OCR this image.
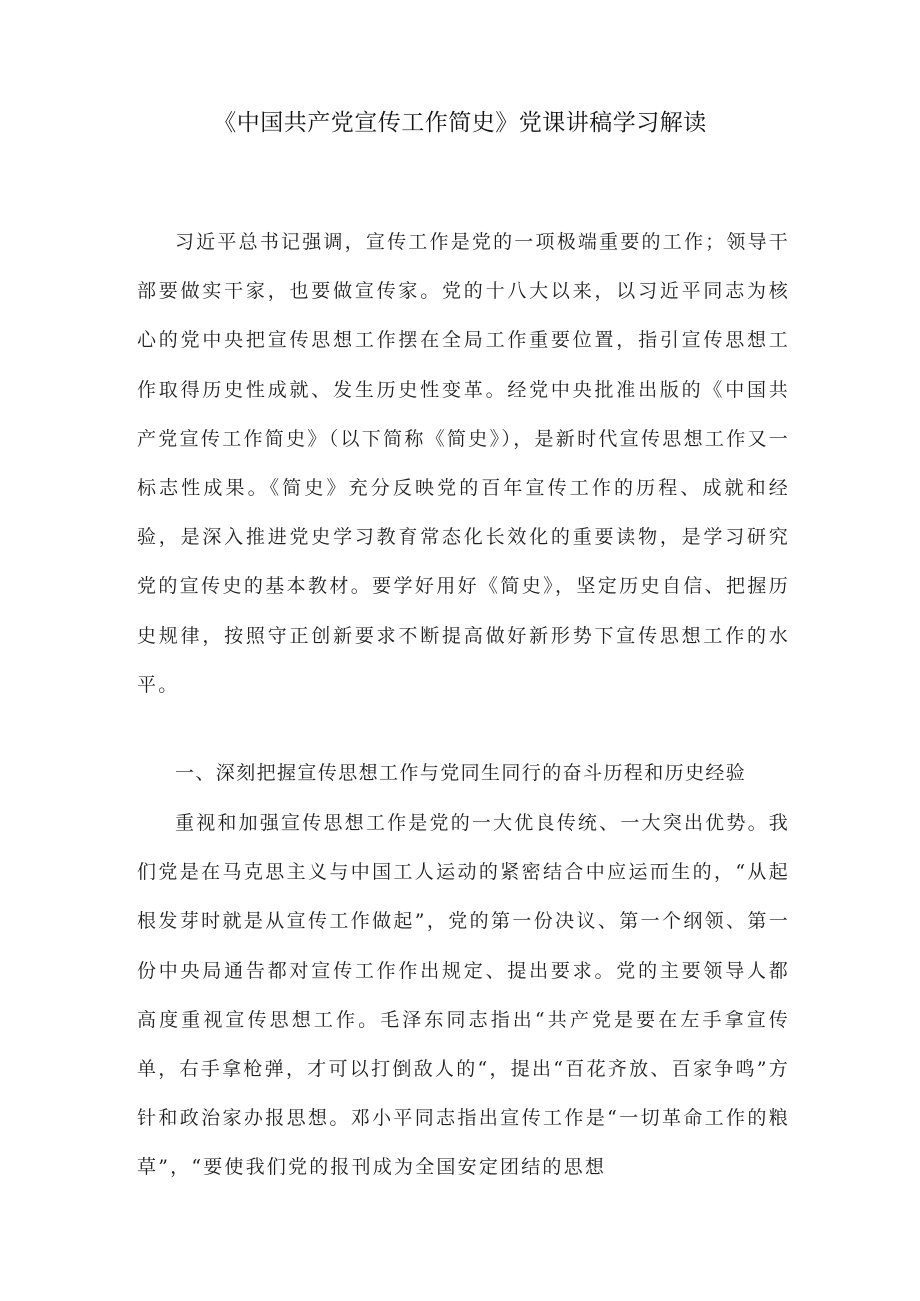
《中国共产党宣传工作简史》党课讲稿学习解读

习近平总书记强调，宣传工作是党的一项极端重要的工作；领导干部要做实干家，也要做宣传家。党的十八大以来，以习近平同志为核心的党中央把宣传思想工作摆在全局工作重要位置，指引宣传思想工作取得历史性成就、发生历史性变革。经党中央批准出版的《中国共产党宣传工作简史》（以下简称《简史》），是新时代宣传思想工作又一标志性成果。《简史》充分反映党的百年宣传工作的历程、成就和经验，是深入推进党史学习教育常态化长效化的重要读物，是学习研究党的宣传史的基本教材。要学好用好《简史》，坚定历史自信、把握历史规律，按照守正创新要求不断提高做好新形势下宣传思想工作的水平。

一、深刻把握宣传思想工作与党同生同行的奋斗历程和历史经验

重视和加强宣传思想工作是党的一大优良传统、一大突出优势。我们党是在马克思主义与中国工人运动的紧密结合中应运而生的，“从起根发芽时就是从宣传工作做起”，党的第一份决议、第一个纲领、第一份中央局通告都对宣传工作作出规定、提出要求。党的主要领导人都高度重视宣传思想工作。毛泽东同志指出“共产党是要在左手拿宣传单，右手拿枪弹，才可以打倒敌人的“，提出“百花齐放、百家争鸣”方针和政治家办报思想。邓小平同志指出宣传工作是“一切革命工作的粮草”，“要使我们党的报刊成为全国安定团结的思想
